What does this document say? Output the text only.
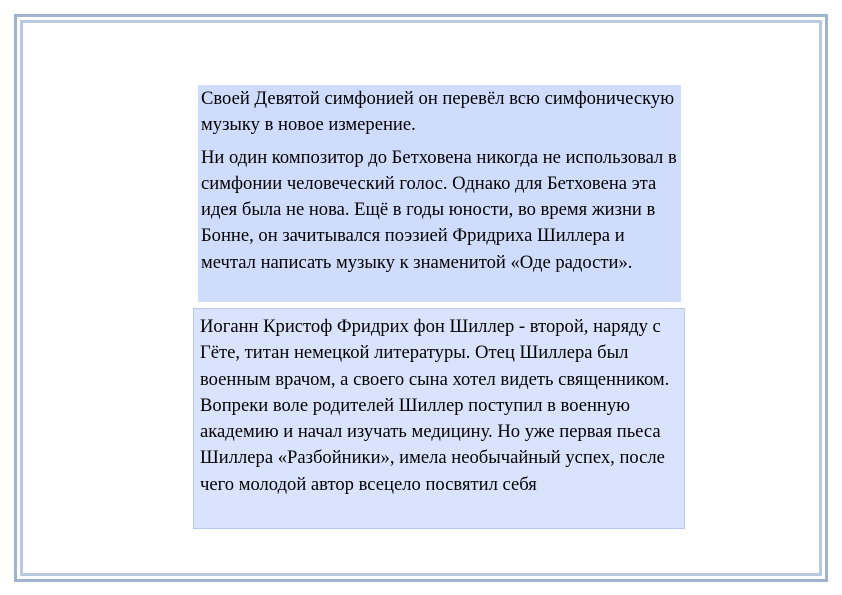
Своей Девятой симфонией он перевёл всю симфоническую музыку в новое измерение.

Ни один композитор до Бетховена никогда не использовал в симфонии человеческий голос. Однако для Бетховена эта идея была не нова. Ещё в годы юности, во время жизни в Бонне, он зачитывался поэзией Фридриха Шиллера и мечтал написать музыку к знаменитой «Оде радости».

Иоганн Кристоф Фридрих фон Шиллер - второй, наряду с Гёте, титан немецкой литературы. Отец Шиллера был военным врачом, а своего сына хотел видеть священником. Вопреки воле родителей Шиллер поступил в военную академию и начал изучать медицину. Но уже первая пьеса Шиллера «Разбойники», имела необычайный успех, после чего молодой автор всецело посвятил себя
